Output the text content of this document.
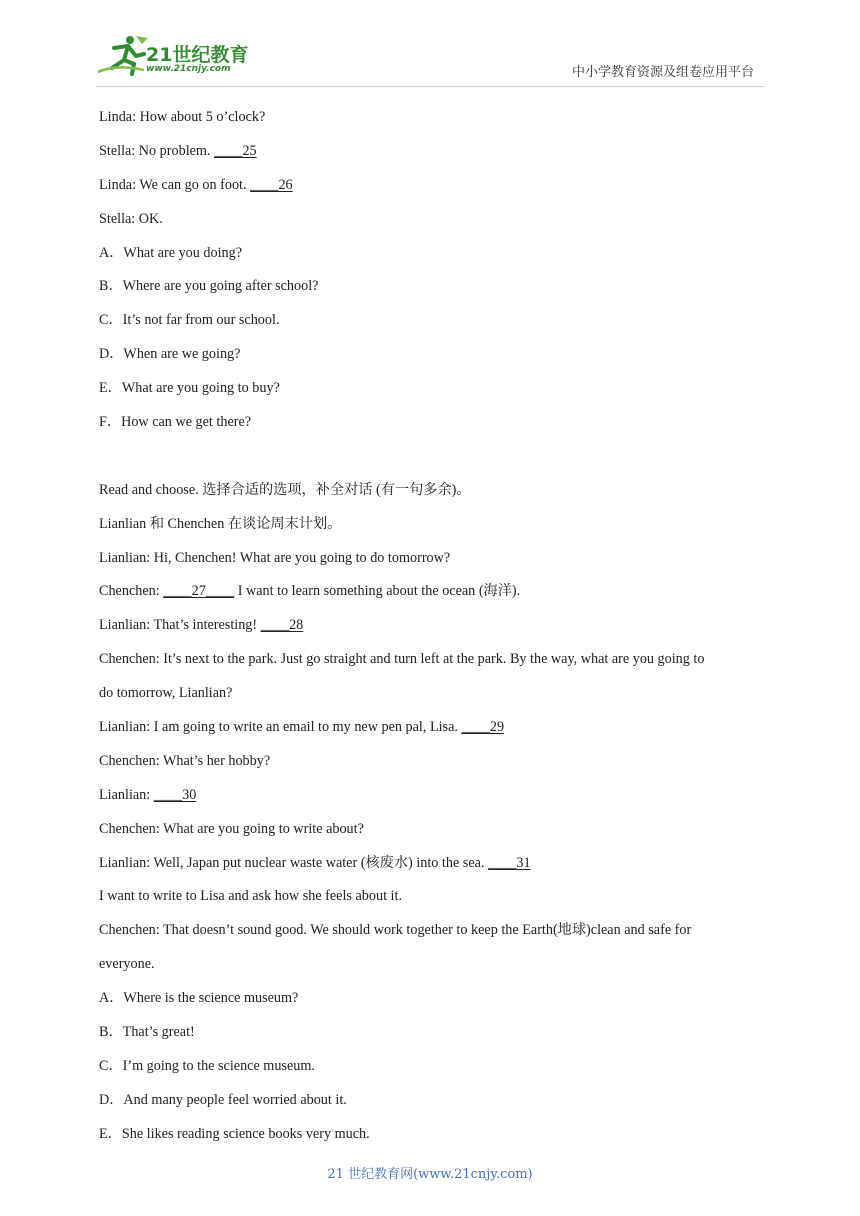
21世纪教育
www.21cnjy.com	中小学教育资源及组卷应用平台
Linda: How about 5 o’clock?
Stella: No problem. ____25
Linda: We can go on foot. ____26
Stella: OK.
A．What are you doing?
B．Where are you going after school?
C．It’s not far from our school.
D．When are we going?
E．What are you going to buy?
F．How can we get there?
Read and choose. 选择合适的选项，补全对话 (有一句多余)。
Lianlian 和 Chenchen 在谈论周末计划。
Lianlian: Hi, Chenchen! What are you going to do tomorrow?
Chenchen: ____27____ I want to learn something about the ocean (海洋).
Lianlian: That’s interesting! ____28
Chenchen: It’s next to the park. Just go straight and turn left at the park. By the way, what are you going to
do tomorrow, Lianlian?
Lianlian: I am going to write an email to my new pen pal, Lisa. ____29
Chenchen: What’s her hobby?
Lianlian: ____30
Chenchen: What are you going to write about?
Lianlian: Well, Japan put nuclear waste water (核废水) into the sea. ____31
I want to write to Lisa and ask how she feels about it.
Chenchen: That doesn’t sound good. We should work together to keep the Earth(地球)clean and safe for
everyone.
A．Where is the science museum?
B．That’s great!
C．I’m going to the science museum.
D．And many people feel worried about it.
E．She likes reading science books very much.
21 世纪教育网(www.21cnjy.com)
